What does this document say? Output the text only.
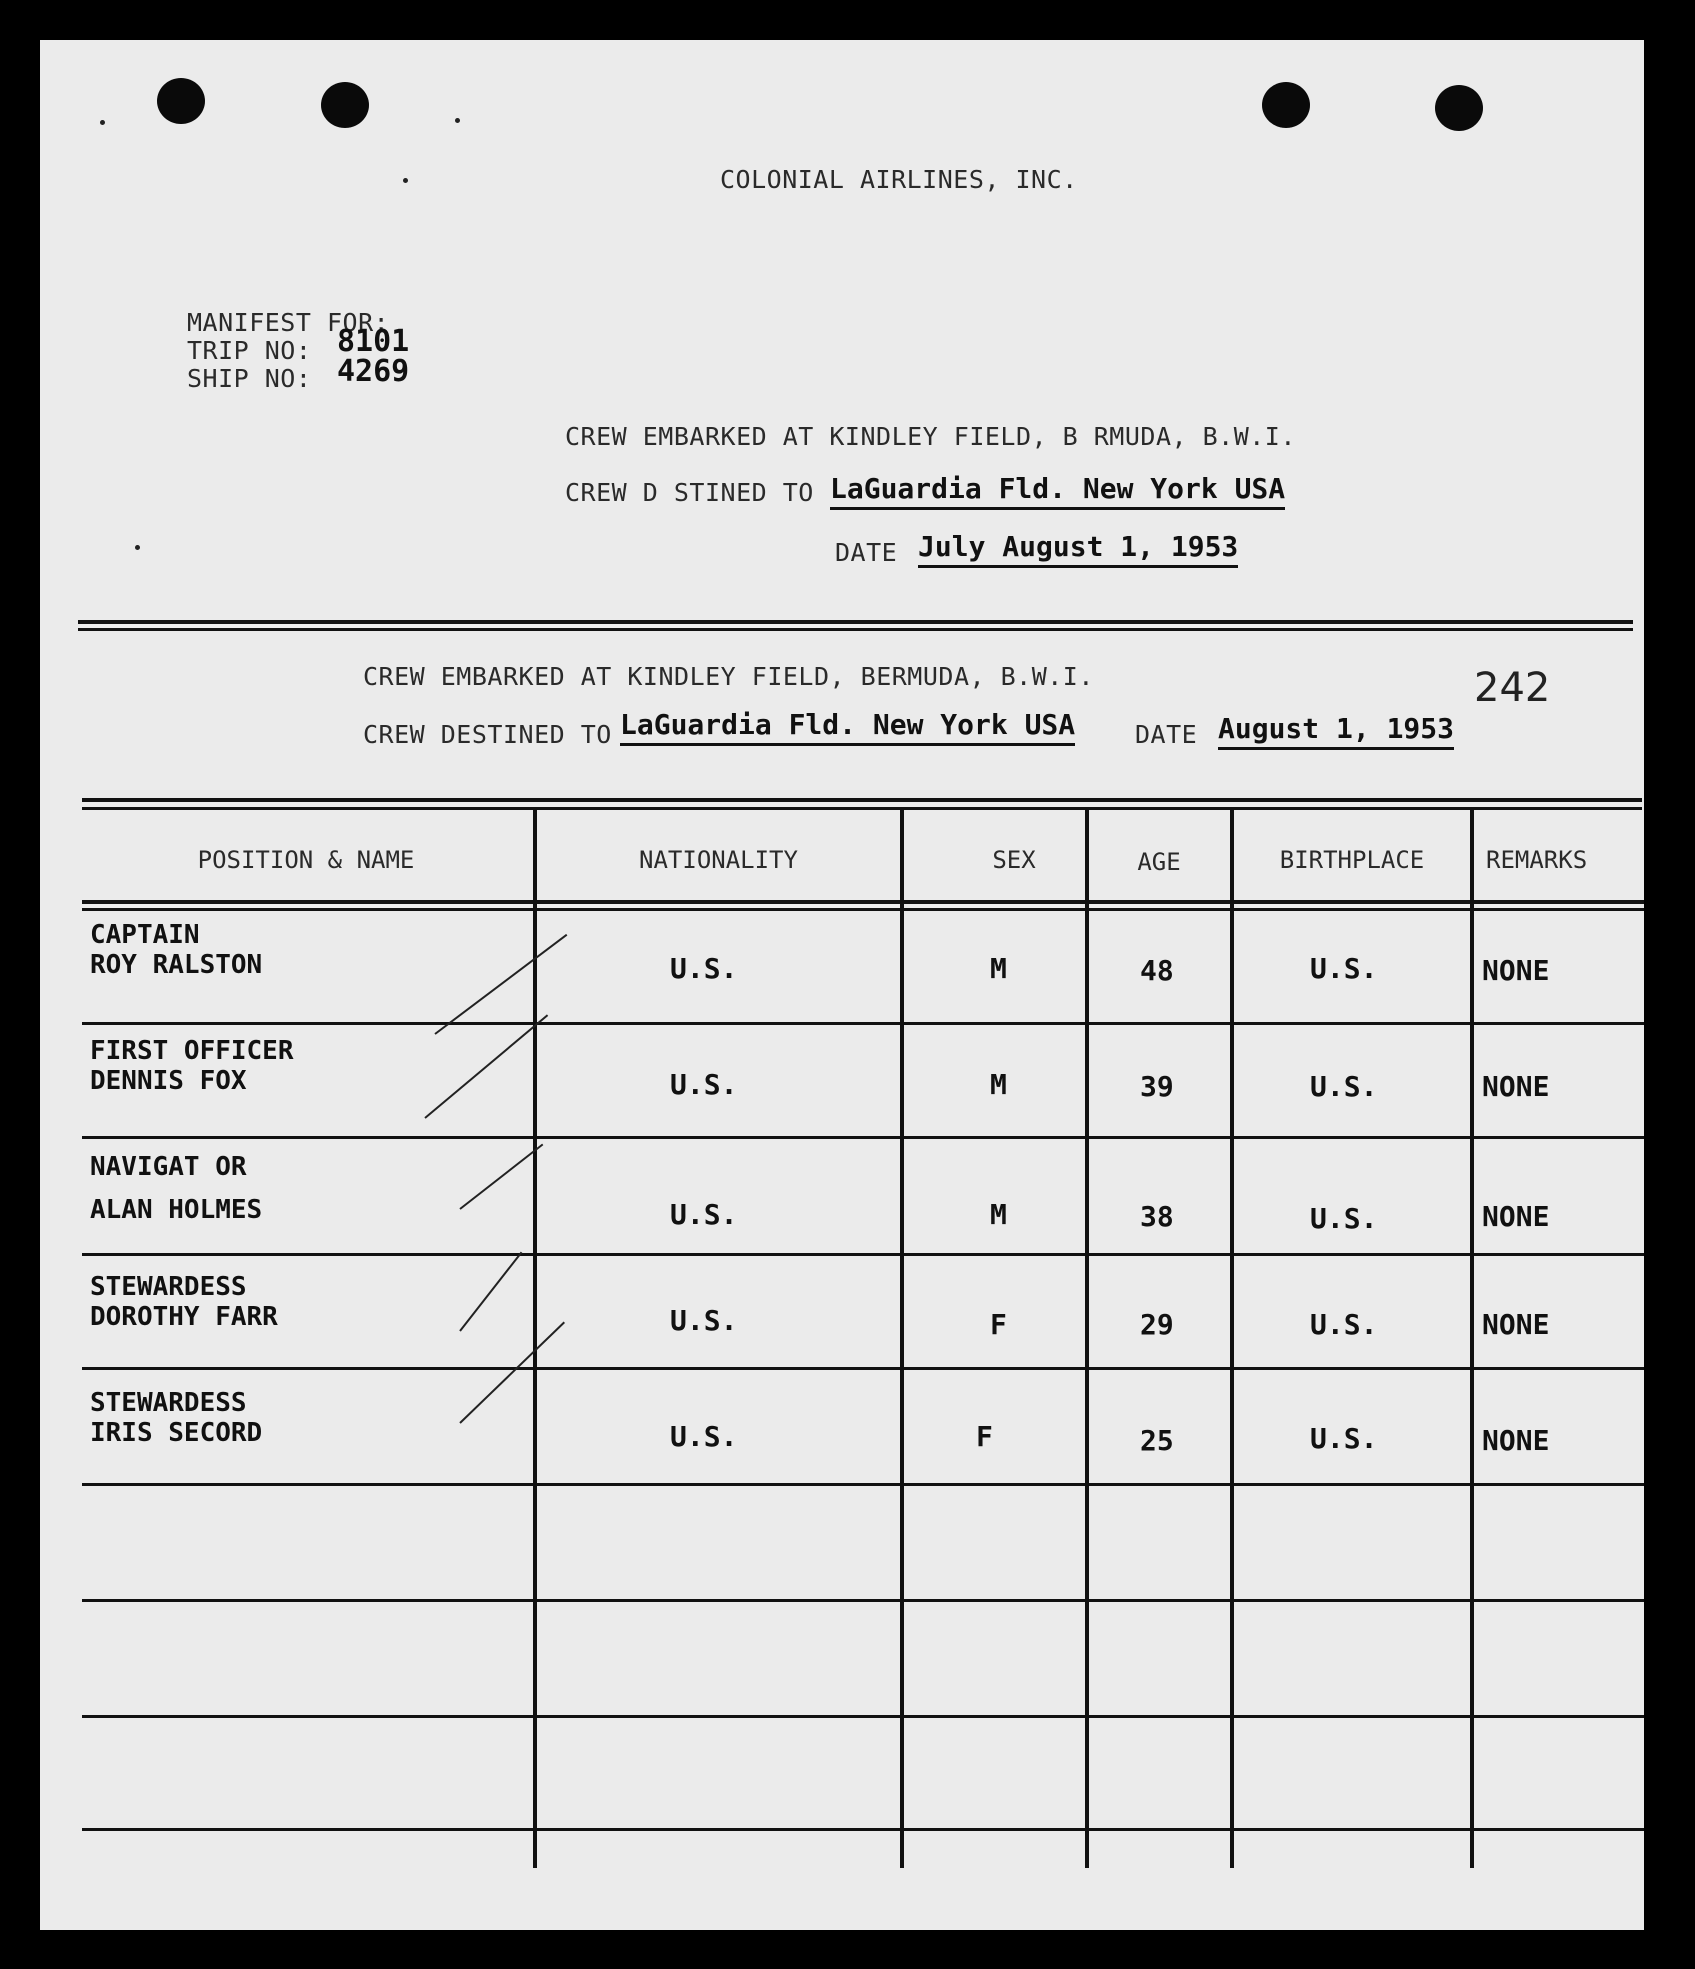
COLONIAL AIRLINES, INC.
MANIFEST FOR:
TRIP NO: 8101
SHIP NO: 4269
CREW EMBARKED AT KINDLEY FIELD, B RMUDA, B.W.I.
CREW D STINED TO LaGuardia Fld. New York USA
DATE July August 1, 1953
CREW EMBARKED AT KINDLEY FIELD, BERMUDA, B.W.I.	242
CREW DESTINED TO LaGuardia Fld. New York USA DATE August 1, 1953
POSITION & NAME	NATIONALITY	SEX	AGE	BIRTHPLACE	REMARKS
CAPTAIN
ROY RALSTON	U.S.	M	48	U.S.	NONE
FIRST OFFICER
DENNIS FOX	U.S.	M	39	U.S.	NONE
NAVIGAT OR
ALAN HOLMES	U.S.	M	38	U.S.	NONE
STEWARDESS
DOROTHY FARR	U.S.	F	29	U.S.	NONE
STEWARDESS
IRIS SECORD	U.S.	F	25	U.S.	NONE
